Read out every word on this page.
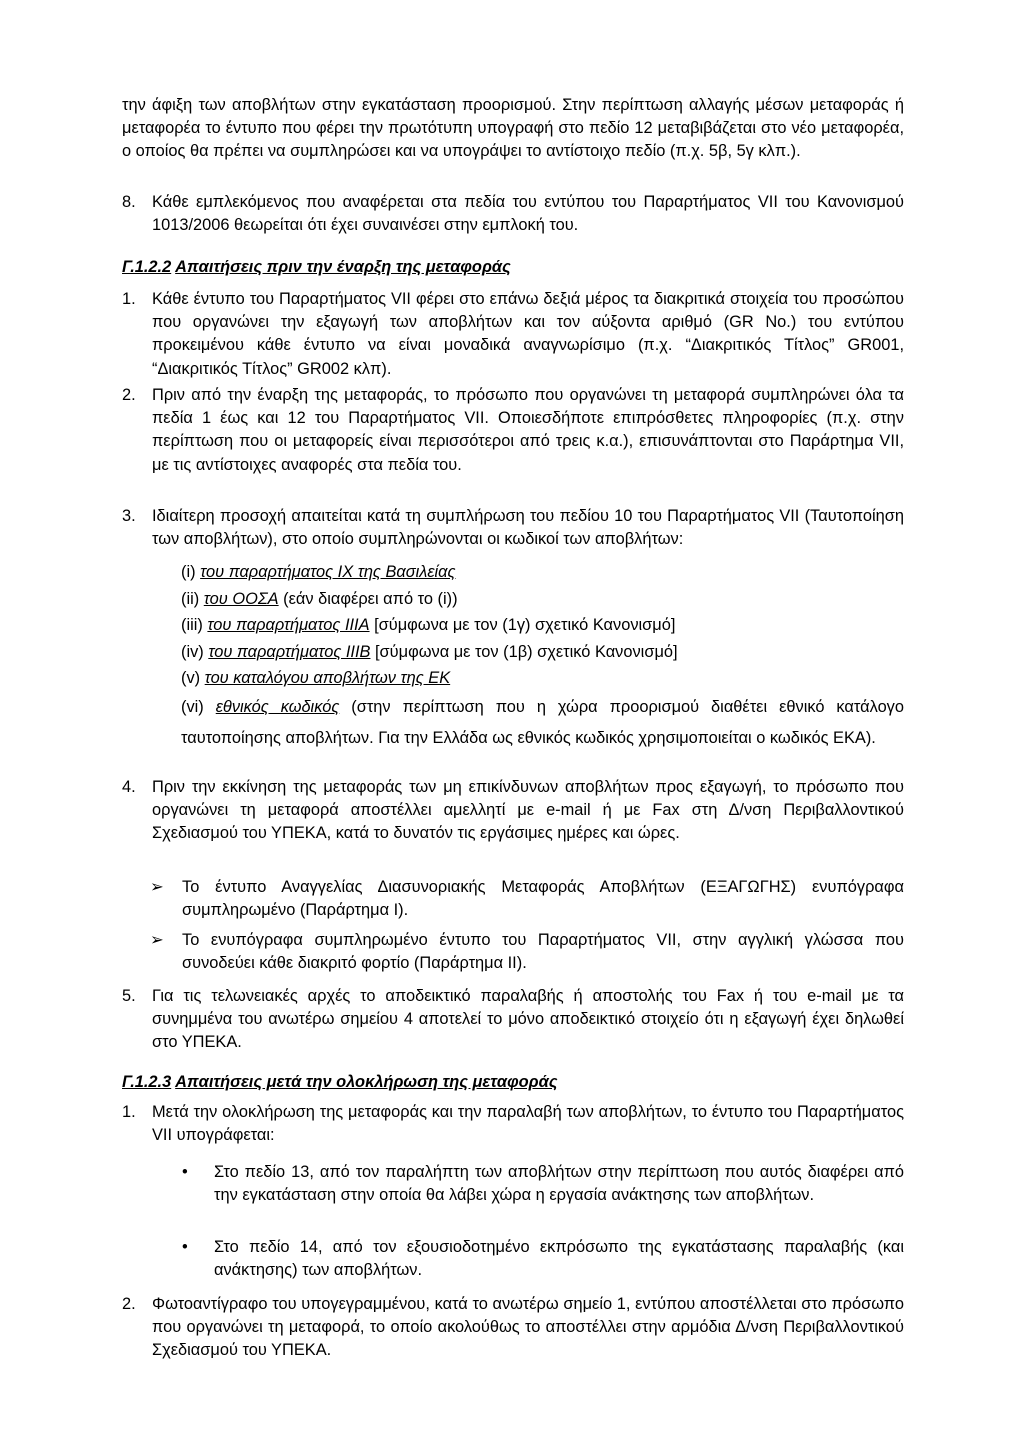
την άφιξη των αποβλήτων στην εγκατάσταση προορισμού. Στην περίπτωση αλλαγής μέσων μεταφοράς ή μεταφορέα το έντυπο που φέρει την πρωτότυπη υπογραφή στο πεδίο 12 μεταβιβάζεται στο νέο μεταφορέα, ο οποίος θα πρέπει να συμπληρώσει και να υπογράψει το αντίστοιχο πεδίο (π.χ. 5β, 5γ κλπ.).
8. Κάθε εμπλεκόμενος που αναφέρεται στα πεδία του εντύπου του Παραρτήματος VII του Κανονισμού 1013/2006 θεωρείται ότι έχει συναινέσει στην εμπλοκή του.
Γ.1.2.2 Απαιτήσεις πριν την έναρξη της μεταφοράς
1. Κάθε έντυπο του Παραρτήματος VII φέρει στο επάνω δεξιά μέρος τα διακριτικά στοιχεία του προσώπου που οργανώνει την εξαγωγή των αποβλήτων και τον αύξοντα αριθμό (GR No.) του εντύπου προκειμένου κάθε έντυπο να είναι μοναδικά αναγνωρίσιμο (π.χ. “Διακριτικός Τίτλος” GR001, “Διακριτικός Τίτλος” GR002 κλπ).
2. Πριν από την έναρξη της μεταφοράς, το πρόσωπο που οργανώνει τη μεταφορά συμπληρώνει όλα τα πεδία 1 έως και 12 του Παραρτήματος VII. Οποιεσδήποτε επιπρόσθετες πληροφορίες (π.χ. στην περίπτωση που οι μεταφορείς είναι περισσότεροι από τρεις κ.α.), επισυνάπτονται στο Παράρτημα VII, με τις αντίστοιχες αναφορές στα πεδία του.
3. Ιδιαίτερη προσοχή απαιτείται κατά τη συμπλήρωση του πεδίου 10 του Παραρτήματος VII (Ταυτοποίηση των αποβλήτων), στο οποίο συμπληρώνονται οι κωδικοί των αποβλήτων:
(i) του παραρτήματος IX της Βασιλείας
(ii) του ΟΟΣΑ (εάν διαφέρει από το (i))
(iii) του παραρτήματος IIIA [σύμφωνα με τον (1γ) σχετικό Κανονισμό]
(iv) του παραρτήματος IIIB [σύμφωνα με τον (1β) σχετικό Κανονισμό]
(v) του καταλόγου αποβλήτων της ΕΚ
(vi) εθνικός κωδικός (στην περίπτωση που η χώρα προορισμού διαθέτει εθνικό κατάλογο ταυτοποίησης αποβλήτων. Για την Ελλάδα ως εθνικός κωδικός χρησιμοποιείται ο κωδικός ΕΚΑ).
4. Πριν την εκκίνηση της μεταφοράς των μη επικίνδυνων αποβλήτων προς εξαγωγή, το πρόσωπο που οργανώνει τη μεταφορά αποστέλλει αμελλητί με e-mail ή με Fax στη Δ/νση Περιβαλλοντικού Σχεδιασμού του ΥΠΕΚΑ, κατά το δυνατόν τις εργάσιμες ημέρες και ώρες.
➢	Το έντυπο Αναγγελίας Διασυνοριακής Μεταφοράς Αποβλήτων (ΕΞΑΓΩΓΗΣ) ενυπόγραφα συμπληρωμένο (Παράρτημα I).
➢	Το ενυπόγραφα συμπληρωμένο έντυπο του Παραρτήματος VII, στην αγγλική γλώσσα που συνοδεύει κάθε διακριτό φορτίο (Παράρτημα II).
5. Για τις τελωνειακές αρχές το αποδεικτικό παραλαβής ή αποστολής του Fax ή του e-mail με τα συνημμένα του ανωτέρω σημείου 4 αποτελεί το μόνο αποδεικτικό στοιχείο ότι η εξαγωγή έχει δηλωθεί στο ΥΠΕΚΑ.
Γ.1.2.3 Απαιτήσεις μετά την ολοκλήρωση της μεταφοράς
1. Μετά την ολοκλήρωση της μεταφοράς και την παραλαβή των αποβλήτων, το έντυπο του Παραρτήματος VII υπογράφεται:
•	Στο πεδίο 13, από τον παραλήπτη των αποβλήτων στην περίπτωση που αυτός διαφέρει από την εγκατάσταση στην οποία θα λάβει χώρα η εργασία ανάκτησης των αποβλήτων.
•	Στο πεδίο 14, από τον εξουσιοδοτημένο εκπρόσωπο της εγκατάστασης παραλαβής (και ανάκτησης) των αποβλήτων.
2. Φωτοαντίγραφο του υπογεγραμμένου, κατά το ανωτέρω σημείο 1, εντύπου αποστέλλεται στο πρόσωπο που οργανώνει τη μεταφορά, το οποίο ακολούθως το αποστέλλει στην αρμόδια Δ/νση Περιβαλλοντικού Σχεδιασμού του ΥΠΕΚΑ.
